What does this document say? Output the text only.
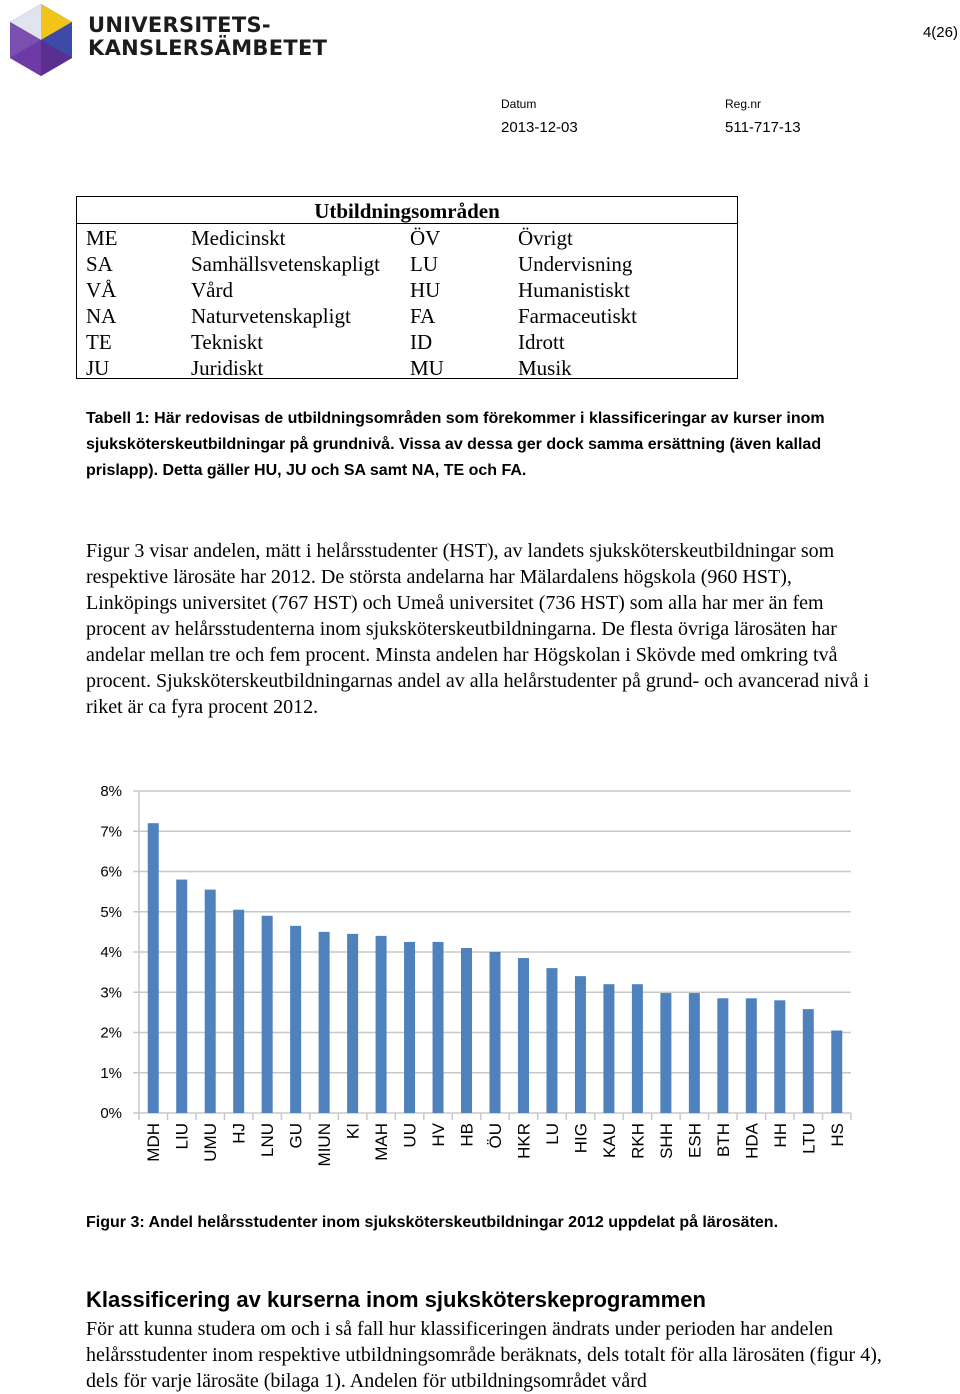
UNIVERSITETS-
KANSLERSÄMBETET
4(26)
Datum
2013-12-03
Reg.nr
511-717-13
Utbildningsområden
ME	Medicinskt	ÖV	Övrigt
SA	Samhällsvetenskapligt LU	Undervisning
VÅ	Vård	HU	Humanistiskt
NA	Naturvetenskapligt	FA	Farmaceutiskt
TE	Tekniskt	ID	Idrott
JU	Juridiskt	MU	Musik
Tabell 1: Här redovisas de utbildningsområden som förekommer i klassificeringar av kurser inom sjuksköterskeutbildningar på grundnivå. Vissa av dessa ger dock samma ersättning (även kallad prislapp). Detta gäller HU, JU och SA samt NA, TE och FA.
Figur 3 visar andelen, mätt i helårsstudenter (HST), av landets sjuksköterskeutbildningar som respektive lärosäte har 2012. De största andelarna har Mälardalens högskola (960 HST), Linköpings universitet (767 HST) och Umeå universitet (736 HST) som alla har mer än fem procent av helårsstudenterna inom sjuksköterskeutbildningarna. De flesta övriga lärosäten har andelar mellan tre och fem procent. Minsta andelen har Högskolan i Skövde med omkring två procent. Sjuksköterskeutbildningarnas andel av alla helårstudenter på grund- och avancerad nivå i riket är ca fyra procent 2012.
0%
1%
2%
3%
4%
5%
6%
7%
8%
MDH LIU UMU HJ LNU GU MIUN KI MAH UU HV HB ÖU HKR LU HIG KAU RKH SHH ESH BTH HDA HH LTU HS
Figur 3: Andel helårsstudenter inom sjuksköterskeutbildningar 2012 uppdelat på lärosäten.
Klassificering av kurserna inom sjuksköterskeprogrammen
För att kunna studera om och i så fall hur klassificeringen ändrats under perioden har andelen helårsstudenter inom respektive utbildningsområde beräknats, dels totalt för alla lärosäten (figur 4), dels för varje lärosäte (bilaga 1). Andelen för utbildningsområdet vård
